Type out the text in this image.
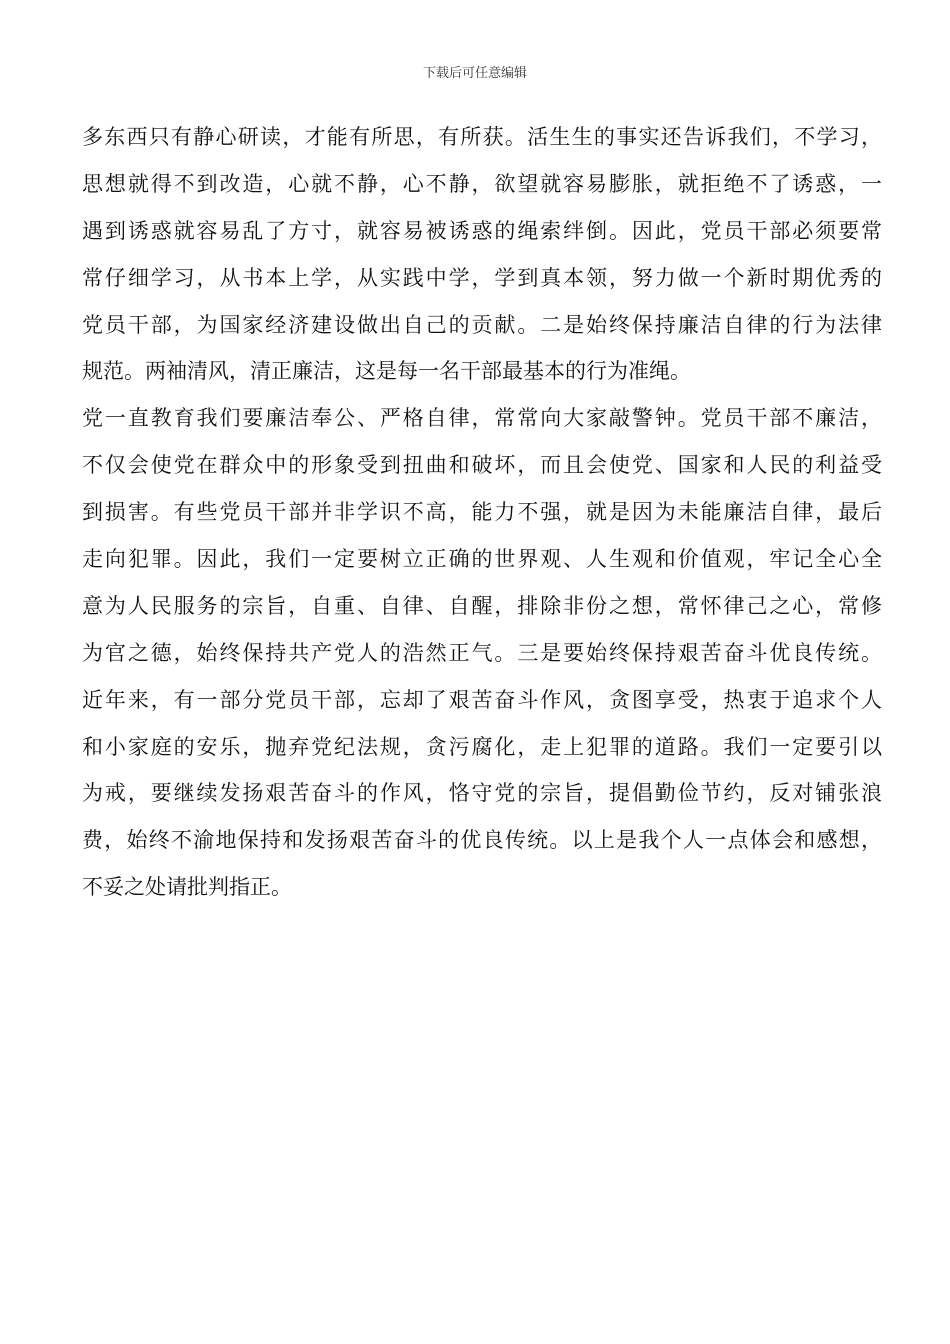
下载后可任意编辑
多东西只有静心研读，才能有所思，有所获。活生生的事实还告诉我们，不学习，
思想就得不到改造，心就不静，心不静，欲望就容易膨胀，就拒绝不了诱惑，一
遇到诱惑就容易乱了方寸，就容易被诱惑的绳索绊倒。因此，党员干部必须要常
常仔细学习，从书本上学，从实践中学，学到真本领，努力做一个新时期优秀的
党员干部，为国家经济建设做出自己的贡献。二是始终保持廉洁自律的行为法律
规范。两袖清风，清正廉洁，这是每一名干部最基本的行为准绳。
党一直教育我们要廉洁奉公、严格自律，常常向大家敲警钟。党员干部不廉洁，
不仅会使党在群众中的形象受到扭曲和破坏，而且会使党、国家和人民的利益受
到损害。有些党员干部并非学识不高，能力不强，就是因为未能廉洁自律，最后
走向犯罪。因此，我们一定要树立正确的世界观、人生观和价值观，牢记全心全
意为人民服务的宗旨，自重、自律、自醒，排除非份之想，常怀律己之心，常修
为官之德，始终保持共产党人的浩然正气。三是要始终保持艰苦奋斗优良传统。
近年来，有一部分党员干部，忘却了艰苦奋斗作风，贪图享受，热衷于追求个人
和小家庭的安乐，抛弃党纪法规，贪污腐化，走上犯罪的道路。我们一定要引以
为戒，要继续发扬艰苦奋斗的作风，恪守党的宗旨，提倡勤俭节约，反对铺张浪
费，始终不渝地保持和发扬艰苦奋斗的优良传统。以上是我个人一点体会和感想，
不妥之处请批判指正。
